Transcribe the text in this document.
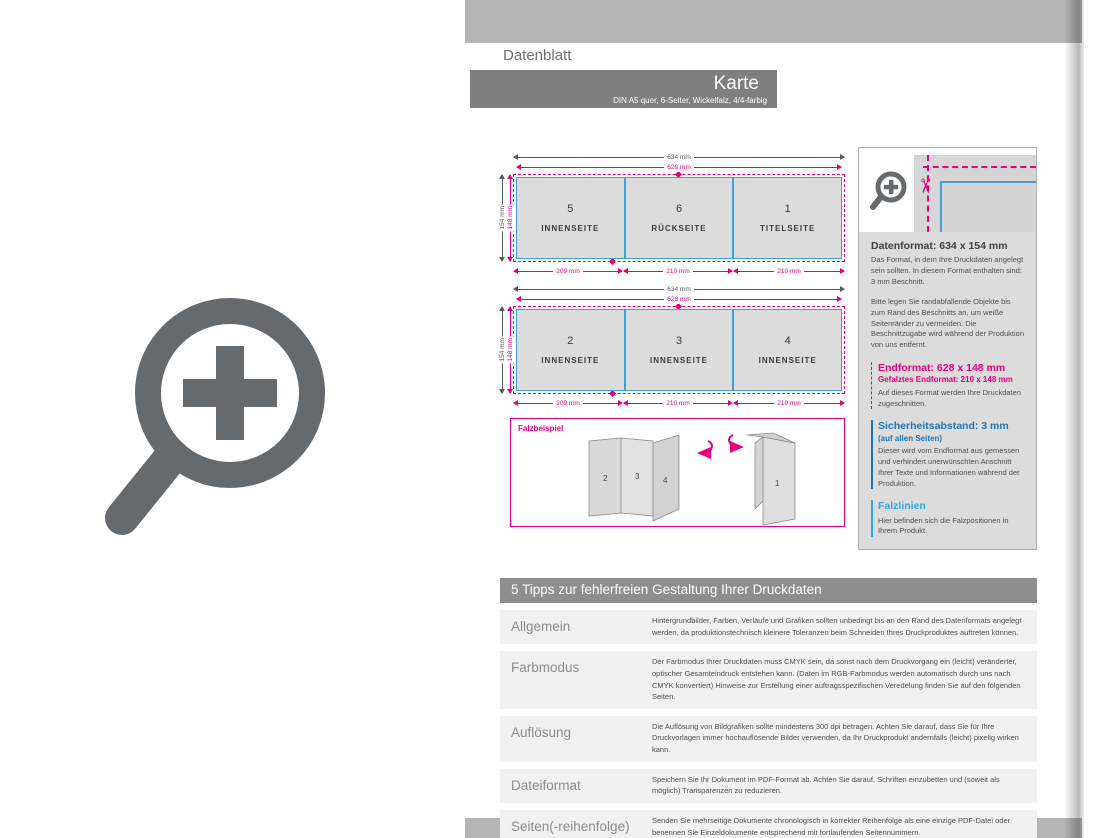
Datenblatt
Karte
DIN A5 quer, 6-Seiter, Wickelfalz, 4/4-farbig
634 mm
628 mm
154 mm 148 mm	5
INNENSEITE
6
RÜCKSEITE
1
TITELSEITE
209 mm	210 mm	210 mm
634 mm
628 mm
154 mm 148 mm	2
INNENSEITE
3
INNENSEITE
4
INNENSEITE
209 mm	210 mm	210 mm
Falzbeispiel
2	3	4	1
✂
Datenformat: 634 x 154 mm
Das Format, in dem Ihre Druckdaten angelegt sein sollten. In diesem Format enthalten sind: 3 mm Beschnitt.
Bitte legen Sie randabfallende Objekte bis zum Rand des Beschnitts an, um weiße Seitenränder zu vermeiden. Die Beschnittzugabe wird während der Produktion von uns entfernt.
Endformat: 628 x 148 mm
Gefalztes Endformat: 210 x 148 mm
Auf dieses Format werden Ihre Druckdaten zugeschnitten.
Sicherheitsabstand: 3 mm
(auf allen Seiten)
Dieser wird vom Endformat aus gemessen und verhindert unerwünschten Anschnitt Ihrer Texte und Informationen während der Produktion.
Falzlinien
Hier befinden sich die Falzpositionen in Ihrem Produkt.
5 Tipps zur fehlerfreien Gestaltung Ihrer Druckdaten
Allgemein	Hintergrundbilder, Farben, Verläufe und Grafiken sollten unbedingt bis an den Rand des Datenformats angelegt werden, da produktionstechnisch kleinere Toleranzen beim Schneiden Ihres Druckproduktes auftreten können.
Farbmodus	Der Farbmodus Ihrer Druckdaten muss CMYK sein, da sonst nach dem Druckvorgang ein (leicht) veränderter, optischer Gesamteindruck entstehen kann. (Daten im RGB-Farbmodus werden automatisch durch uns nach CMYK konvertiert) Hinweise zur Erstellung einer auftragsspezifischen Veredelung finden Sie auf den folgenden Seiten.
Auflösung	Die Auflösung von Bildgrafiken sollte mindestens 300 dpi betragen. Achten Sie darauf, dass Sie für Ihre Druckvorlagen immer hochauflösende Bilder verwenden, da Ihr Druckprodukt andernfalls (leicht) pixelig wirken kann.
Dateiformat	Speichern Sie Ihr Dokument im PDF-Format ab. Achten Sie darauf, Schriften einzubetten und (soweit als möglich) Transparenzen zu reduzieren.
Seiten(-reihenfolge)	Senden Sie mehrseitige Dokumente chronologisch in korrekter Reihenfolge als eine einzige PDF-Datei oder benennen Sie Einzeldokumente entsprechend mit fortlaufenden Seitennummern.
